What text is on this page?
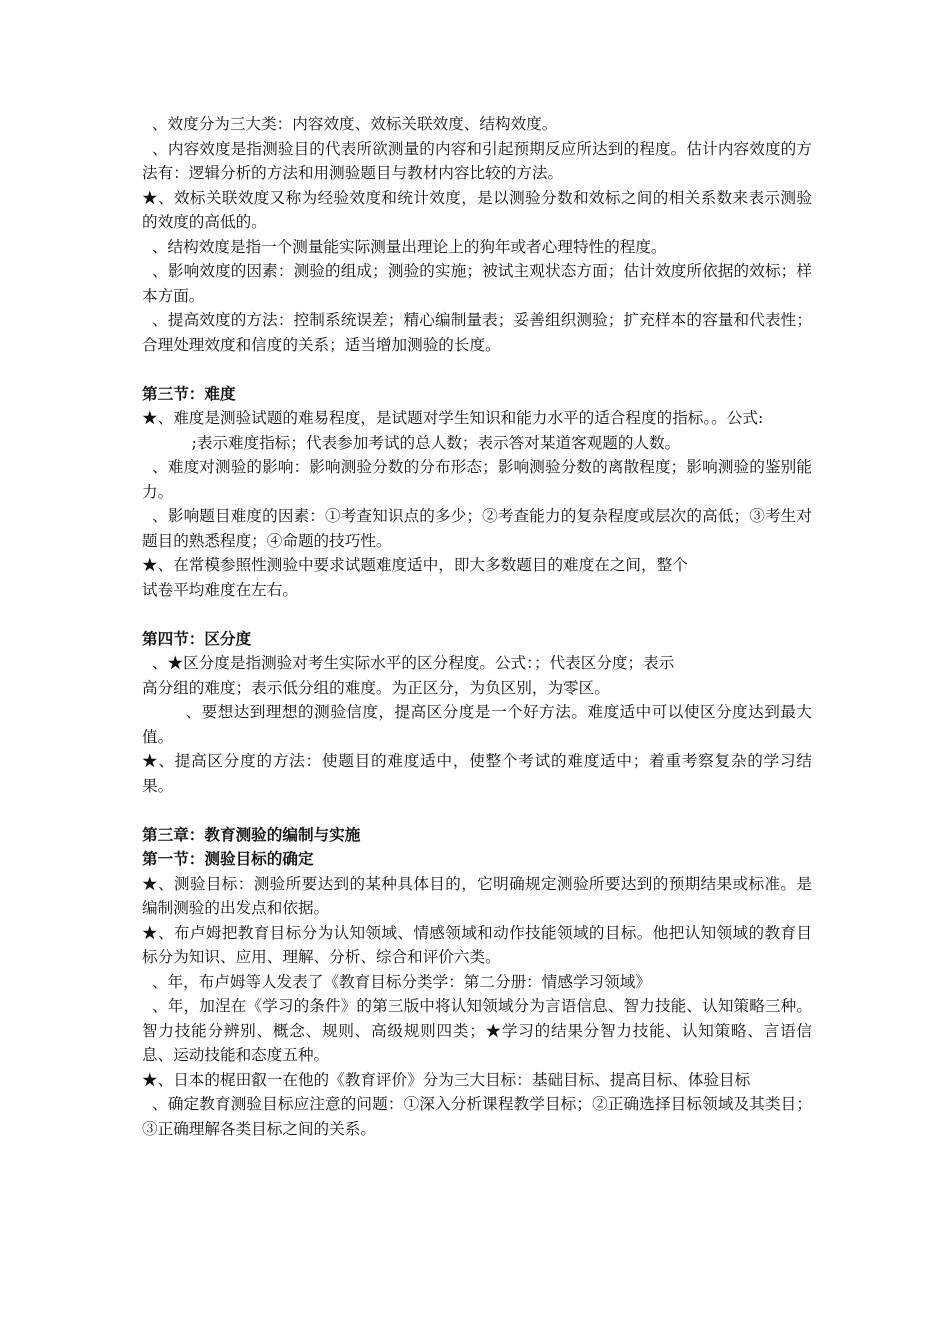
、效度分为三大类：内容效度、效标关联效度、结构效度。

、内容效度是指测验目的代表所欲测量的内容和引起预期反应所达到的程度。估计内容效度的方法有：逻辑分析的方法和用测验题目与教材内容比较的方法。

★、效标关联效度又称为经验效度和统计效度，是以测验分数和效标之间的相关系数来表示测验的效度的高低的。

、结构效度是指一个测量能实际测量出理论上的狗年或者心理特性的程度。

、影响效度的因素：测验的组成；测验的实施；被试主观状态方面；估计效度所依据的效标；样本方面。

、提高效度的方法：控制系统误差；精心编制量表；妥善组织测验；扩充样本的容量和代表性；合理处理效度和信度的关系；适当增加测验的长度。

第三节：难度

★、难度是测验试题的难易程度，是试题对学生知识和能力水平的适合程度的指标。。公式:

;表示难度指标；代表参加考试的总人数；表示答对某道客观题的人数。

、难度对测验的影响：影响测验分数的分布形态；影响测验分数的离散程度；影响测验的鉴别能力。

、影响题目难度的因素：①考查知识点的多少；②考查能力的复杂程度或层次的高低；③考生对题目的熟悉程度；④命题的技巧性。

★、在常模参照性测验中要求试题难度适中，即大多数题目的难度在之间，整个
试卷平均难度在左右。

第四节：区分度

、★区分度是指测验对考生实际水平的区分程度。公式：；代表区分度；表示
高分组的难度；表示低分组的难度。为正区分，为负区别，为零区。

、要想达到理想的测验信度，提高区分度是一个好方法。难度适中可以使区分度达到最大值。

★、提高区分度的方法：使题目的难度适中，使整个考试的难度适中；着重考察复杂的学习结果。

第三章：教育测验的编制与实施

第一节：测验目标的确定

★、测验目标：测验所要达到的某种具体目的，它明确规定测验所要达到的预期结果或标准。是编制测验的出发点和依据。

★、布卢姆把教育目标分为认知领域、情感领域和动作技能领域的目标。他把认知领域的教育目标分为知识、应用、理解、分析、综合和评价六类。

、年，布卢姆等人发表了《教育目标分类学：第二分册：情感学习领域》

、年，加涅在《学习的条件》的第三版中将认知领域分为言语信息、智力技能、认知策略三种。智力技能分辨别、概念、规则、高级规则四类；★学习的结果分智力技能、认知策略、言语信息、运动技能和态度五种。

★、日本的梶田叡一在他的《教育评价》分为三大目标：基础目标、提高目标、体验目标

、确定教育测验目标应注意的问题：①深入分析课程教学目标；②正确选择目标领域及其类目；③正确理解各类目标之间的关系。
